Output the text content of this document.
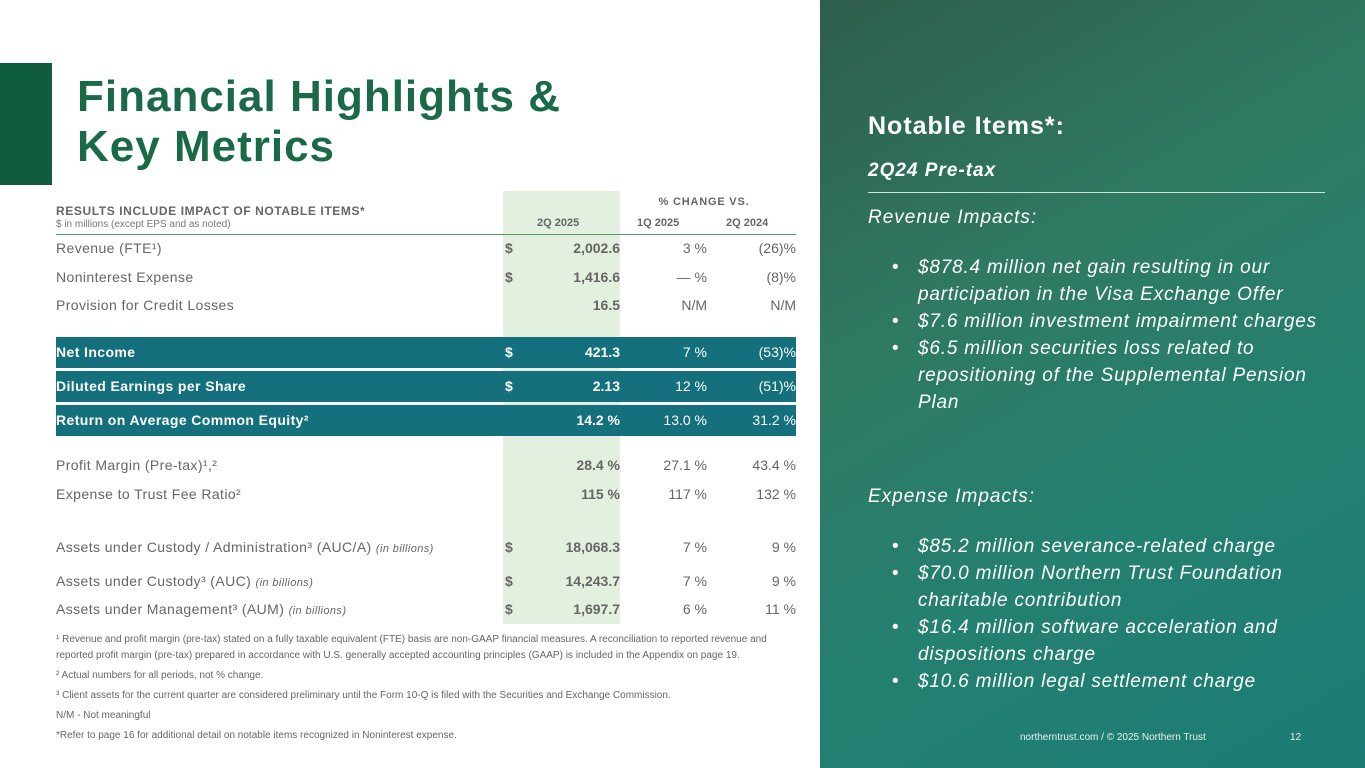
Financial Highlights &
Key Metrics
RESULTS INCLUDE IMPACT OF NOTABLE ITEMS*
$ in millions (except EPS and as noted)
% CHANGE VS.
2Q 2025	1Q 2025	2Q 2024
Revenue (FTE¹)	$	2,002.6	3 %	(26)%
Noninterest Expense	$	1,416.6	— %	(8)%
Provision for Credit Losses	16.5	N/M	N/M
Net Income	$	421.3	7 %	(53)%
Diluted Earnings per Share	$	2.13	12 %	(51)%
Return on Average Common Equity²	14.2 %	13.0 %	31.2 %
Profit Margin (Pre-tax)¹,²	28.4 %	27.1 %	43.4 %
Expense to Trust Fee Ratio²	115 %	117 %	132 %
Assets under Custody / Administration³ (AUC/A) (in billions)	$	18,068.3	7 %	9 %
Assets under Custody³ (AUC) (in billions)	$	14,243.7	7 %	9 %
Assets under Management³ (AUM) (in billions)	$	1,697.7	6 %	11 %

¹ Revenue and profit margin (pre-tax) stated on a fully taxable equivalent (FTE) basis are non-GAAP financial measures. A reconciliation to reported revenue and reported profit margin (pre-tax) prepared in accordance with U.S. generally accepted accounting principles (GAAP) is included in the Appendix on page 19.

² Actual numbers for all periods, not % change.

³ Client assets for the current quarter are considered preliminary until the Form 10-Q is filed with the Securities and Exchange Commission.

N/M - Not meaningful

*Refer to page 16 for additional detail on notable items recognized in Noninterest expense.

Notable Items*:
2Q24 Pre-tax
Revenue Impacts:
• $878.4 million net gain resulting in our participation in the Visa Exchange Offer
• $7.6 million investment impairment charges
• $6.5 million securities loss related to repositioning of the Supplemental Pension Plan
Expense Impacts:
• $85.2 million severance-related charge
• $70.0 million Northern Trust Foundation charitable contribution
• $16.4 million software acceleration and dispositions charge
• $10.6 million legal settlement charge
northerntrust.com / © 2025 Northern Trust	12
